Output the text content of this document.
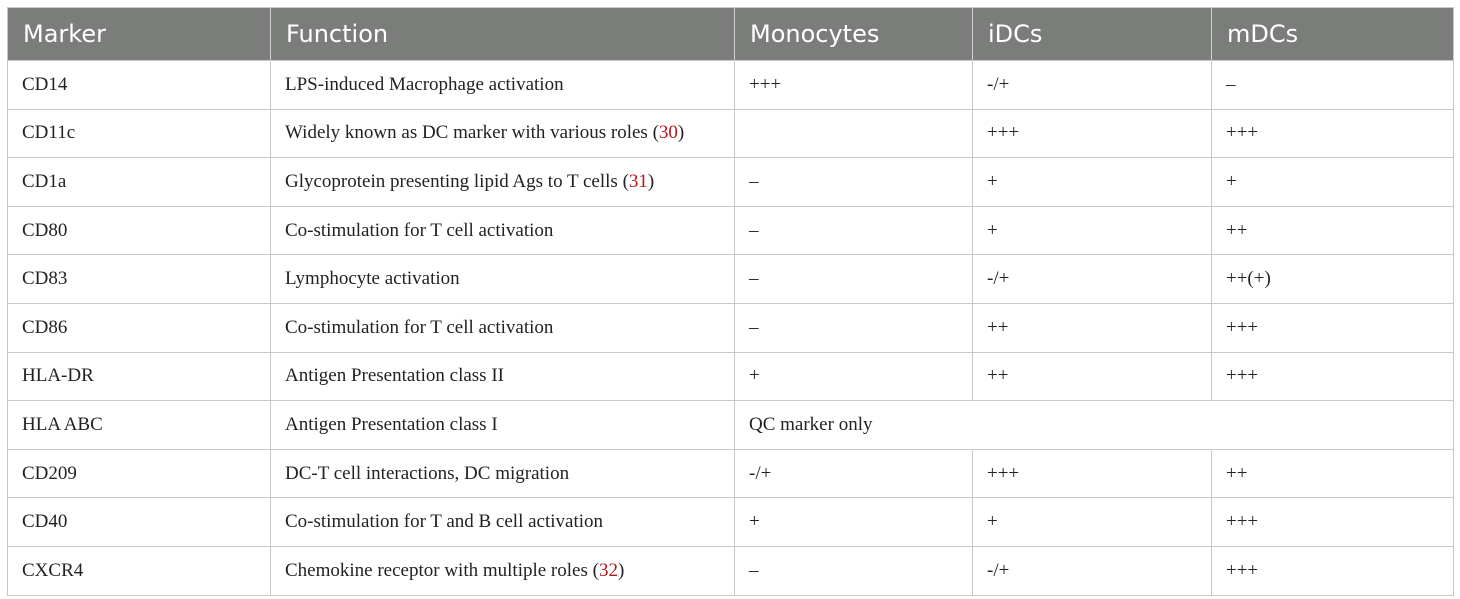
Marker	Function	Monocytes	iDCs	mDCs
CD14	LPS-induced Macrophage activation	+++	-/+	–
CD11c	Widely known as DC marker with various roles (30)		+++	+++
CD1a	Glycoprotein presenting lipid Ags to T cells (31)	–	+	+
CD80	Co-stimulation for T cell activation	–	+	++
CD83	Lymphocyte activation	–	-/+	++(+)
CD86	Co-stimulation for T cell activation	–	++	+++
HLA-DR	Antigen Presentation class II	+	++	+++
HLA ABC	Antigen Presentation class I	QC marker only		
CD209	DC-T cell interactions, DC migration	-/+	+++	++
CD40	Co-stimulation for T and B cell activation	+	+	+++
CXCR4	Chemokine receptor with multiple roles (32)	–	-/+	+++
